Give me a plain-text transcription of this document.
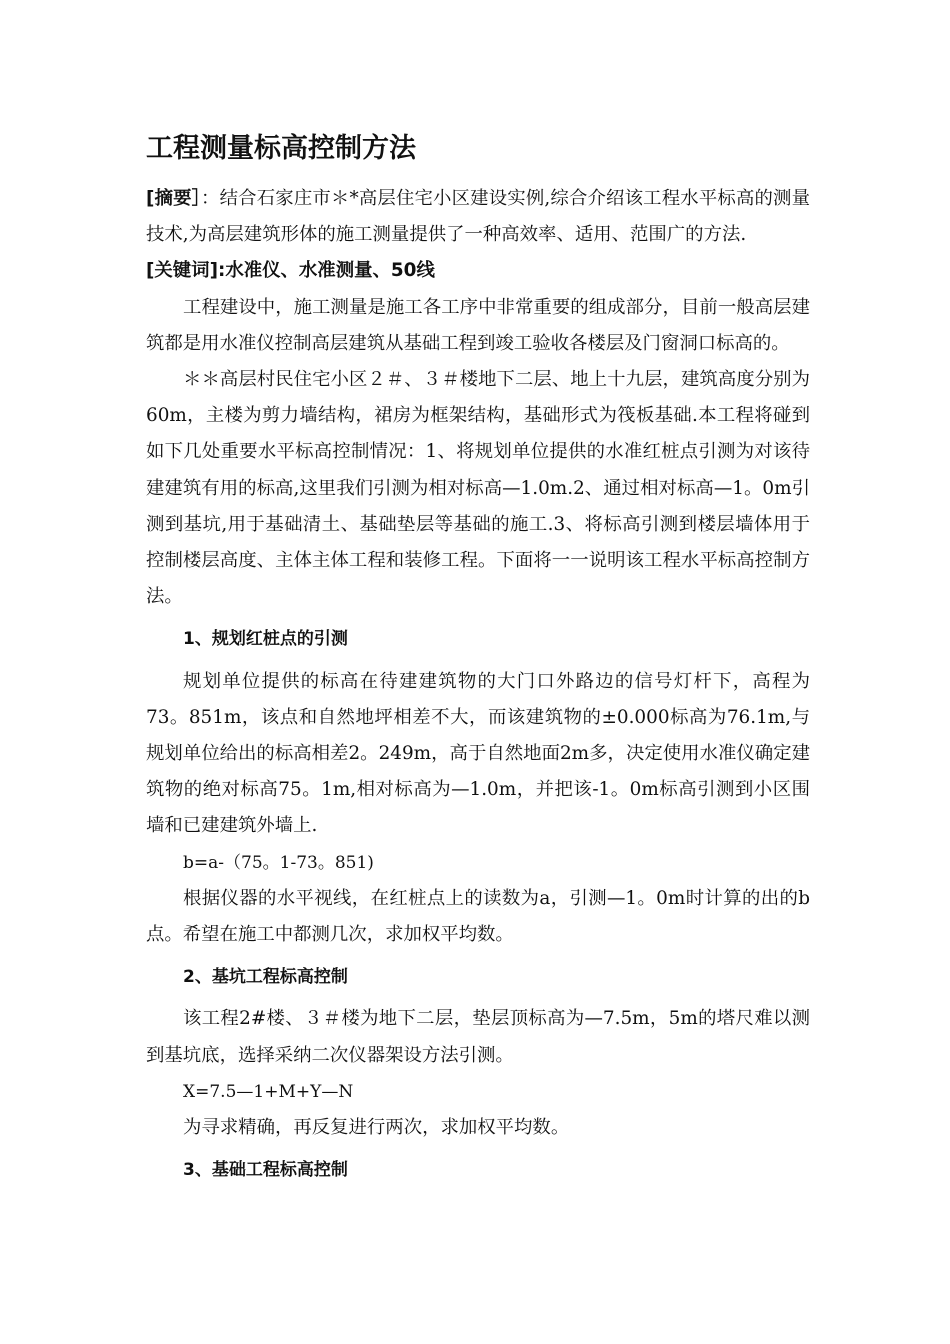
工程测量标高控制方法

[摘要］：结合石家庄市＊*高层住宅小区建设实例,综合介绍该工程水平标高的测量技术,为高层建筑形体的施工测量提供了一种高效率、适用、范围广的方法.

[关键词]:水准仪、水准测量、50线

工程建设中，施工测量是施工各工序中非常重要的组成部分，目前一般高层建筑都是用水准仪控制高层建筑从基础工程到竣工验收各楼层及门窗洞口标高的。

＊＊高层村民住宅小区２＃、３＃楼地下二层、地上十九层，建筑高度分别为60m，主楼为剪力墙结构，裙房为框架结构，基础形式为筏板基础.本工程将碰到如下几处重要水平标高控制情况：1、将规划单位提供的水准红桩点引测为对该待建建筑有用的标高,这里我们引测为相对标高—1.0m.2、通过相对标高—1。0m引测到基坑,用于基础清土、基础垫层等基础的施工.3、将标高引测到楼层墙体用于控制楼层高度、主体主体工程和装修工程。下面将一一说明该工程水平标高控制方法。

1、规划红桩点的引测

规划单位提供的标高在待建建筑物的大门口外路边的信号灯杆下，高程为73。851m，该点和自然地坪相差不大，而该建筑物的±0.000标高为76.1m,与规划单位给出的标高相差2。249m，高于自然地面2m多，决定使用水准仪确定建筑物的绝对标高75。1m,相对标高为—1.0m，并把该-1。0m标高引测到小区围墙和已建建筑外墙上.

b=a-（75。1-73。851)

根据仪器的水平视线，在红桩点上的读数为a，引测—1。0m时计算的出的b点。希望在施工中都测几次，求加权平均数。

2、基坑工程标高控制

该工程2#楼、３＃楼为地下二层，垫层顶标高为—7.5m，5m的塔尺难以测到基坑底，选择采纳二次仪器架设方法引测。

X=7.5—1+M+Y—N

为寻求精确，再反复进行两次，求加权平均数。

3、基础工程标高控制
